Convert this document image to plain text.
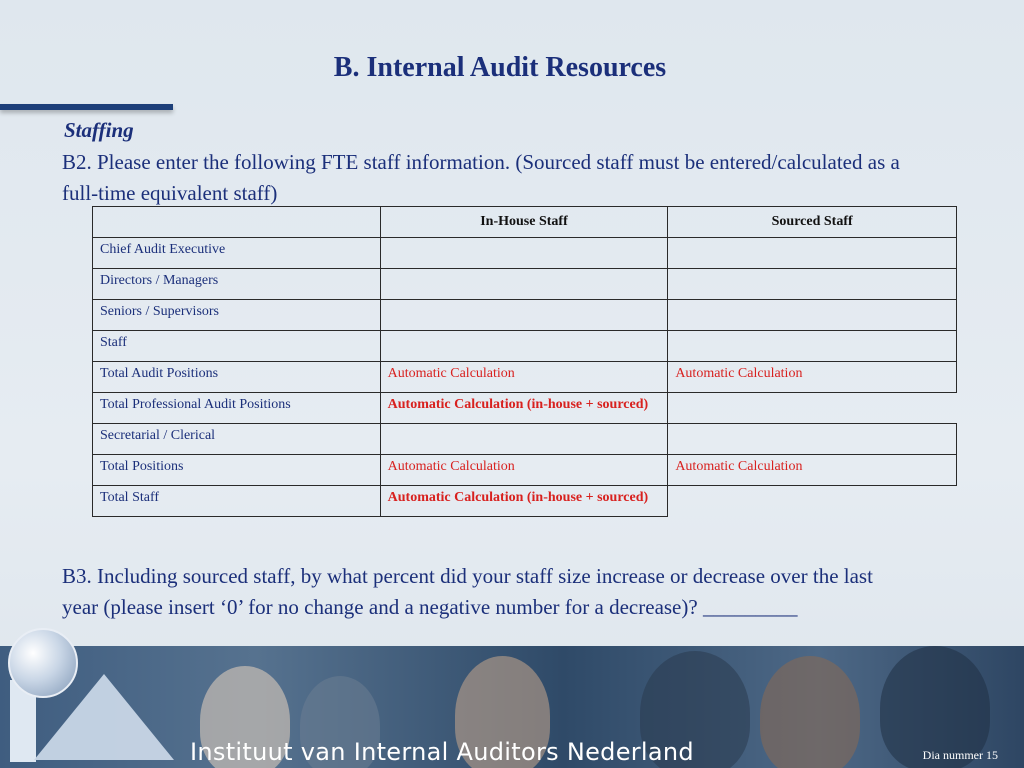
B. Internal Audit Resources
Staffing
B2. Please enter the following FTE staff information. (Sourced staff must be entered/calculated as a full-time equivalent staff)
	In-House Staff	Sourced Staff
Chief Audit Executive		
Directors / Managers		
Seniors / Supervisors		
Staff		
Total Audit Positions	Automatic Calculation	Automatic Calculation
Total Professional Audit Positions	Automatic Calculation (in-house + sourced)	
Secretarial / Clerical		
Total Positions	Automatic Calculation	Automatic Calculation
Total Staff	Automatic Calculation (in-house + sourced)	
B3. Including sourced staff, by what percent did your staff size increase or decrease over the last year (please insert ‘0’ for no change and a negative number for a decrease)? _________
Instituut van Internal Auditors Nederland	Dia nummer 15
